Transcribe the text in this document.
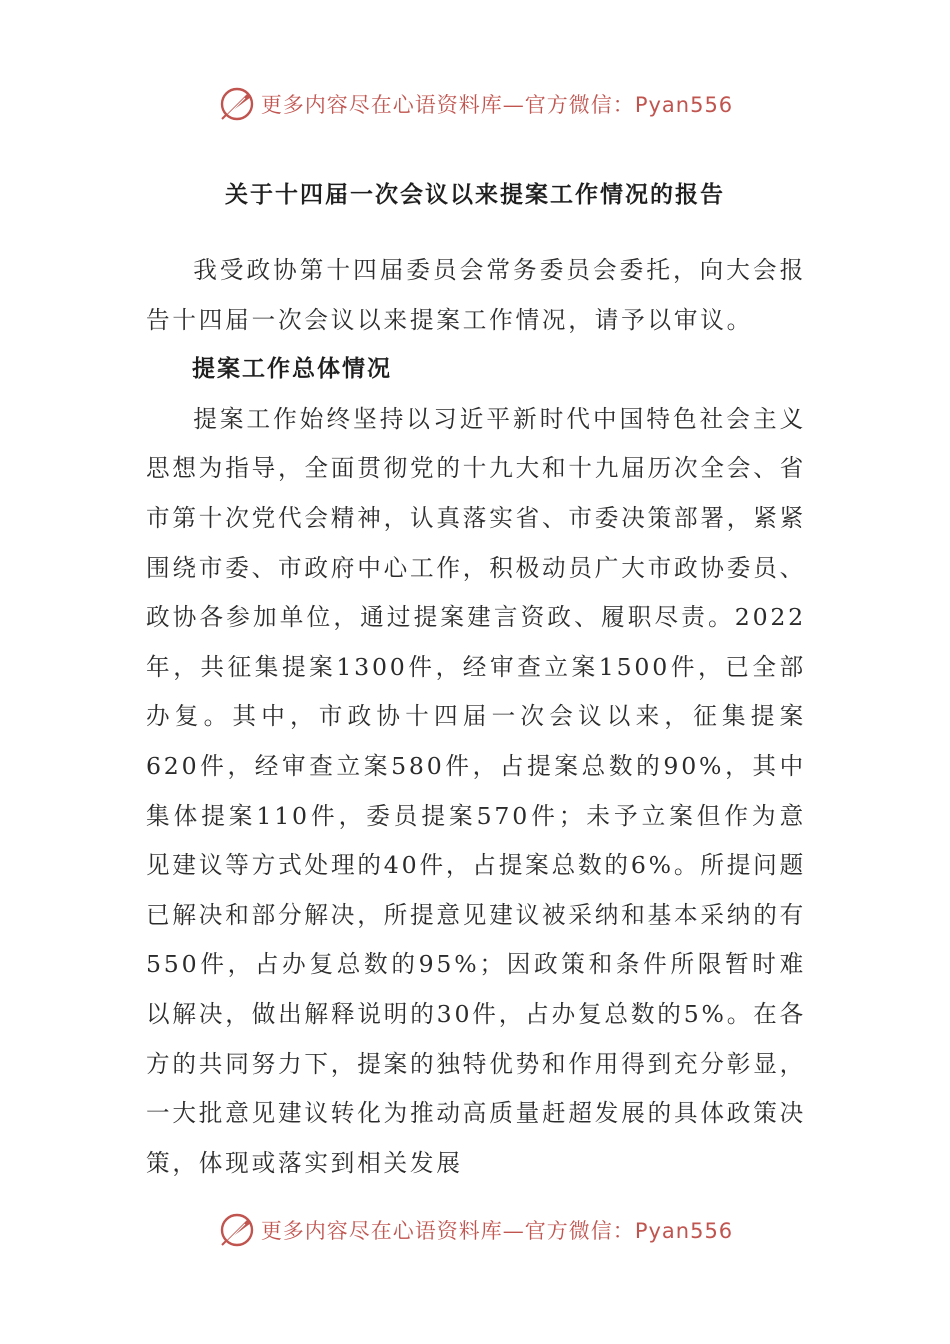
更多内容尽在心语资料库—官方微信：Pyan556
关于十四届一次会议以来提案工作情况的报告

我受政协第十四届委员会常务委员会委托，向大会报告十四届一次会议以来提案工作情况，请予以审议。

提案工作总体情况

提案工作始终坚持以习近平新时代中国特色社会主义思想为指导，全面贯彻党的十九大和十九届历次全会、省市第十次党代会精神，认真落实省、市委决策部署，紧紧围绕市委、市政府中心工作，积极动员广大市政协委员、政协各参加单位，通过提案建言资政、履职尽责。2022年，共征集提案1300件，经审查立案1500件，已全部办复。其中，市政协十四届一次会议以来，征集提案620件，经审查立案580件，占提案总数的90%，其中集体提案110件，委员提案570件；未予立案但作为意见建议等方式处理的40件，占提案总数的6%。所提问题已解决和部分解决，所提意见建议被采纳和基本采纳的有550件，占办复总数的95%；因政策和条件所限暂时难以解决，做出解释说明的30件，占办复总数的5%。在各方的共同努力下，提案的独特优势和作用得到充分彰显，一大批意见建议转化为推动高质量赶超发展的具体政策决策，体现或落实到相关发展

更多内容尽在心语资料库—官方微信：Pyan556
